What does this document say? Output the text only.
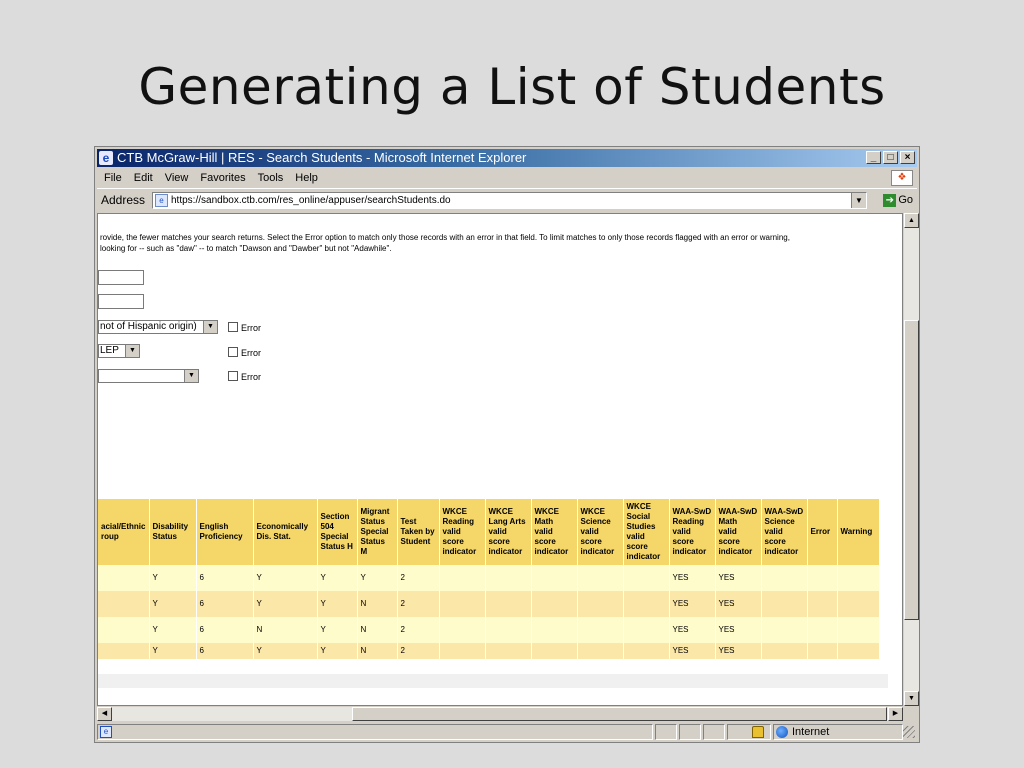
Generating a List of Students
e CTB McGraw-Hill | RES - Search Students - Microsoft Internet Explorer	_	□	×
File Edit View Favorites Tools Help	❖
Address	e https://sandbox.ctb.com/res_online/appuser/searchStudents.do	▼	➔ Go
rovide, the fewer matches your search returns. Select the Error option to match only those records with an error in that field. To limit matches to only those records flagged with an error or warning,
looking for -- such as "daw" -- to match "Dawson and "Dawber" but not "Adawhile".
not of Hispanic origin)	▼	Error
LEP	▼	Error
▼	Error
acial/Ethnic roup	Disability Status	English Proficiency	Economically Dis. Stat.	Section 504 Special Status H	Migrant Status Special Status M	Test Taken by Student	WKCE Reading valid score indicator	WKCE Lang Arts valid score indicator	WKCE Math valid score indicator	WKCE Science valid score indicator	WKCE Social Studies valid score indicator	WAA-SwD Reading valid score indicator	WAA-SwD Math valid score indicator	WAA-SwD Science valid score indicator	Error	Warning
	Y	6	Y	Y	Y	2						YES	YES			
	Y	6	Y	Y	N	2						YES	YES			
	Y	6	N	Y	N	2						YES	YES			
	Y	6	Y	Y	N	2						YES	YES			
▲
▼
◀	▶
e	Internet
